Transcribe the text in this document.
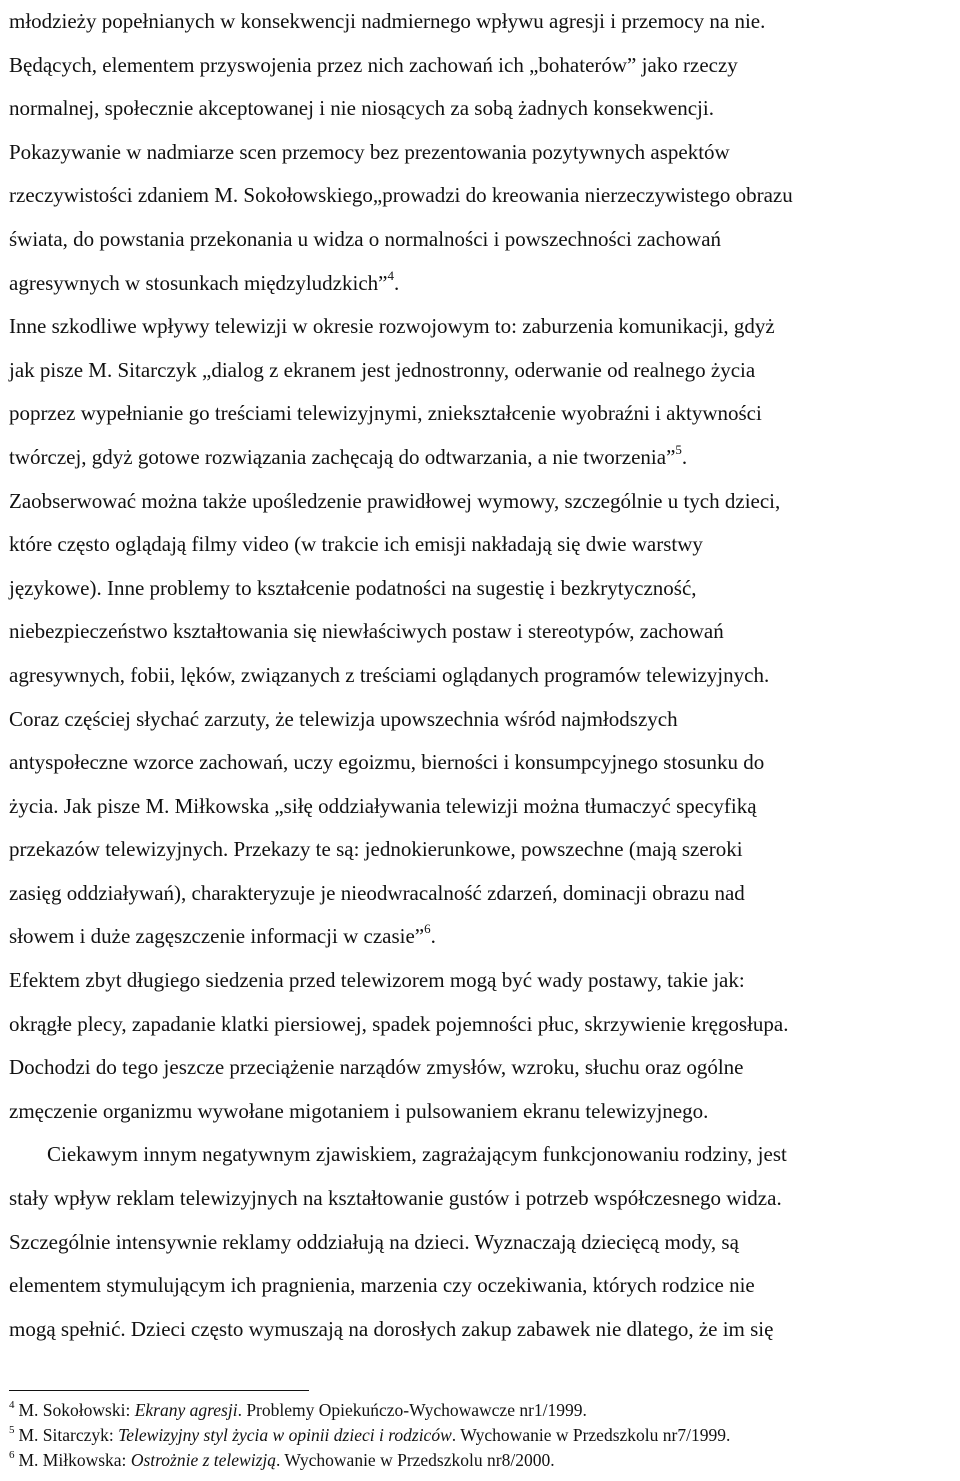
młodzieży popełnianych w konsekwencji nadmiernego wpływu agresji i przemocy na nie.
Będących, elementem przyswojenia przez nich zachowań ich „bohaterów” jako rzeczy
normalnej, społecznie akceptowanej i nie niosących za sobą żadnych konsekwencji.
Pokazywanie w nadmiarze scen przemocy bez prezentowania pozytywnych aspektów
rzeczywistości zdaniem M. Sokołowskiego„prowadzi do kreowania nierzeczywistego obrazu
świata, do powstania przekonania u widza o normalności i powszechności zachowań
agresywnych w stosunkach międzyludzkich”$^4$.
Inne szkodliwe wpływy telewizji w okresie rozwojowym to: zaburzenia komunikacji, gdyż
jak pisze M. Sitarczyk „dialog z ekranem jest jednostronny, oderwanie od realnego życia
poprzez wypełnianie go treściami telewizyjnymi, zniekształcenie wyobraźni i aktywności
twórczej, gdyż gotowe rozwiązania zachęcają do odtwarzania, a nie tworzenia”$^5$.
Zaobserwować można także upośledzenie prawidłowej wymowy, szczególnie u tych dzieci,
które często oglądają filmy video (w trakcie ich emisji nakładają się dwie warstwy
językowe). Inne problemy to kształcenie podatności na sugestię i bezkrytyczność,
niebezpieczeństwo kształtowania się niewłaściwych postaw i stereotypów, zachowań
agresywnych, fobii, lęków, związanych z treściami oglądanych programów telewizyjnych.
Coraz częściej słychać zarzuty, że telewizja upowszechnia wśród najmłodszych
antyspołeczne wzorce zachowań, uczy egoizmu, bierności i konsumpcyjnego stosunku do
życia. Jak pisze M. Miłkowska „siłę oddziaływania telewizji można tłumaczyć specyfiką
przekazów telewizyjnych. Przekazy te są: jednokierunkowe, powszechne (mają szeroki
zasięg oddziaływań), charakteryzuje je nieodwracalność zdarzeń, dominacji obrazu nad
słowem i duże zagęszczenie informacji w czasie”$^6$.
Efektem zbyt długiego siedzenia przed telewizorem mogą być wady postawy, takie jak:
okrągłe plecy, zapadanie klatki piersiowej, spadek pojemności płuc, skrzywienie kręgosłupa.
Dochodzi do tego jeszcze przeciążenie narządów zmysłów, wzroku, słuchu oraz ogólne
zmęczenie organizmu wywołane migotaniem i pulsowaniem ekranu telewizyjnego.
Ciekawym innym negatywnym zjawiskiem, zagrażającym funkcjonowaniu rodziny, jest
stały wpływ reklam telewizyjnych na kształtowanie gustów i potrzeb współczesnego widza.
Szczególnie intensywnie reklamy oddziałują na dzieci. Wyznaczają dziecięcą mody, są
elementem stymulującym ich pragnienia, marzenia czy oczekiwania, których rodzice nie
mogą spełnić. Dzieci często wymuszają na dorosłych zakup zabawek nie dlatego, że im się
$^4$ M. Sokołowski: Ekrany agresji. Problemy Opiekuńczo-Wychowawcze nr1/1999.
$^5$ M. Sitarczyk: Telewizyjny styl życia w opinii dzieci i rodziców. Wychowanie w Przedszkolu nr7/1999.
$^6$ M. Miłkowska: Ostrożnie z telewizją. Wychowanie w Przedszkolu nr8/2000.
